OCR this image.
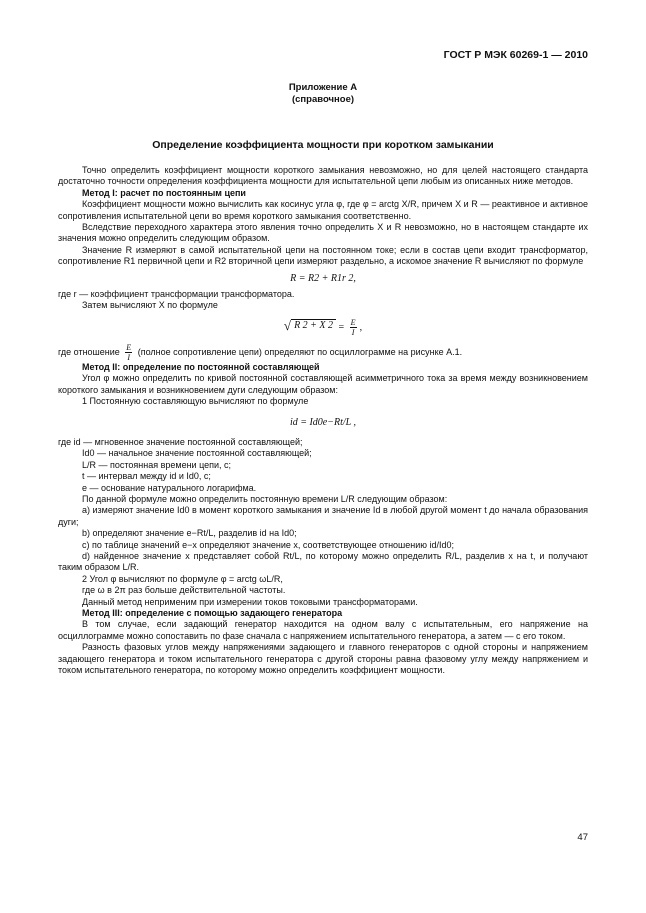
ГОСТ Р МЭК 60269-1 — 2010
Приложение А
(справочное)
Определение коэффициента мощности при коротком замыкании

Точно определить коэффициент мощности короткого замыкания невозможно, но для целей настоящего стандарта достаточно точности определения коэффициента мощности для испытательной цепи любым из описанных ниже методов.

Метод I: расчет по постоянным цепи

Коэффициент мощности можно вычислить как косинус угла φ, где φ = arctg X/R, причем X и R — реактивное и активное сопротивления испытательной цепи во время короткого замыкания соответственно.

Вследствие переходного характера этого явления точно определить X и R невозможно, но в настоящем стандарте их значения можно определить следующим образом.

Значение R измеряют в самой испытательной цепи на постоянном токе; если в состав цепи входит трансформатор, сопротивление R1 первичной цепи и R2 вторичной цепи измеряют раздельно, а искомое значение R вычисляют по формуле

R = R2 + R1r 2,

где r — коэффициент трансформации трансформатора.

Затем вычисляют X по формуле

√ R 2 + X $2 = \frac{E}{I}$ ,

где отношение $\frac{E}{I}$ (полное сопротивление цепи) определяют по осциллограмме на рисунке А.1.

Метод II: определение по постоянной составляющей

Угол φ можно определить по кривой постоянной составляющей асимметричного тока за время между возникновением короткого замыкания и возникновением дуги следующим образом:

1 Постоянную составляющую вычисляют по формуле

id = Id0e−Rt/L ,

где id — мгновенное значение постоянной составляющей;

Id0 — начальное значение постоянной составляющей;

L/R — постоянная времени цепи, с;

t — интервал между id и Id0, с;

e — основание натурального логарифма.

По данной формуле можно определить постоянную времени L/R следующим образом:

а) измеряют значение Id0 в момент короткого замыкания и значение Id в любой другой момент t до начала образования дуги;

b) определяют значение e−Rt/L, разделив id на Id0;

с) по таблице значений e−x определяют значение x, соответствующее отношению id/Id0;

d) найденное значение x представляет собой Rt/L, по которому можно определить R/L, разделив x на t, и получают таким образом L/R.

2 Угол φ вычисляют по формуле φ = arctg ωL/R,

где ω в 2π раз больше действительной частоты.

Данный метод неприменим при измерении токов токовыми трансформаторами.

Метод III: определение с помощью задающего генератора

В том случае, если задающий генератор находится на одном валу с испытательным, его напряжение на осциллограмме можно сопоставить по фазе сначала с напряжением испытательного генератора, а затем — с его током.

Разность фазовых углов между напряжениями задающего и главного генераторов с одной стороны и напряжением задающего генератора и током испытательного генератора с другой стороны равна фазовому углу между напряжением и током испытательного генератора, по которому можно определить коэффициент мощности.

47
